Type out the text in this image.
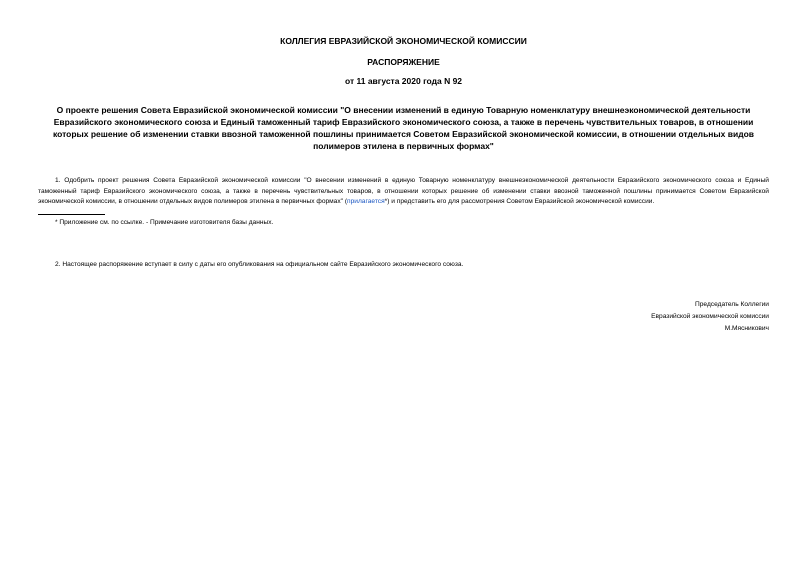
КОЛЛЕГИЯ ЕВРАЗИЙСКОЙ ЭКОНОМИЧЕСКОЙ КОМИССИИ
РАСПОРЯЖЕНИЕ
от 11 августа 2020 года N 92
О проекте решения Совета Евразийской экономической комиссии "О внесении изменений в единую Товарную номенклатуру внешнеэкономической деятельности Евразийского экономического союза и Единый таможенный тариф Евразийского экономического союза, а также в перечень чувствительных товаров, в отношении которых решение об изменении ставки ввозной таможенной пошлины принимается Советом Евразийской экономической комиссии, в отношении отдельных видов полимеров этилена в первичных формах"
1. Одобрить проект решения Совета Евразийской экономической комиссии "О внесении изменений в единую Товарную номенклатуру внешнеэкономической деятельности Евразийского экономического союза и Единый таможенный тариф Евразийского экономического союза, а также в перечень чувствительных товаров, в отношении которых решение об изменении ставки ввозной таможенной пошлины принимается Советом Евразийской экономической комиссии, в отношении отдельных видов полимеров этилена в первичных формах" (прилагается*) и представить его для рассмотрения Советом Евразийской экономической комиссии.
* Приложение см. по ссылке. - Примечание изготовителя базы данных.
2. Настоящее распоряжение вступает в силу с даты его опубликования на официальном сайте Евразийского экономического союза.
Председатель Коллегии
Евразийской экономической комиссии
М.Мясникович
